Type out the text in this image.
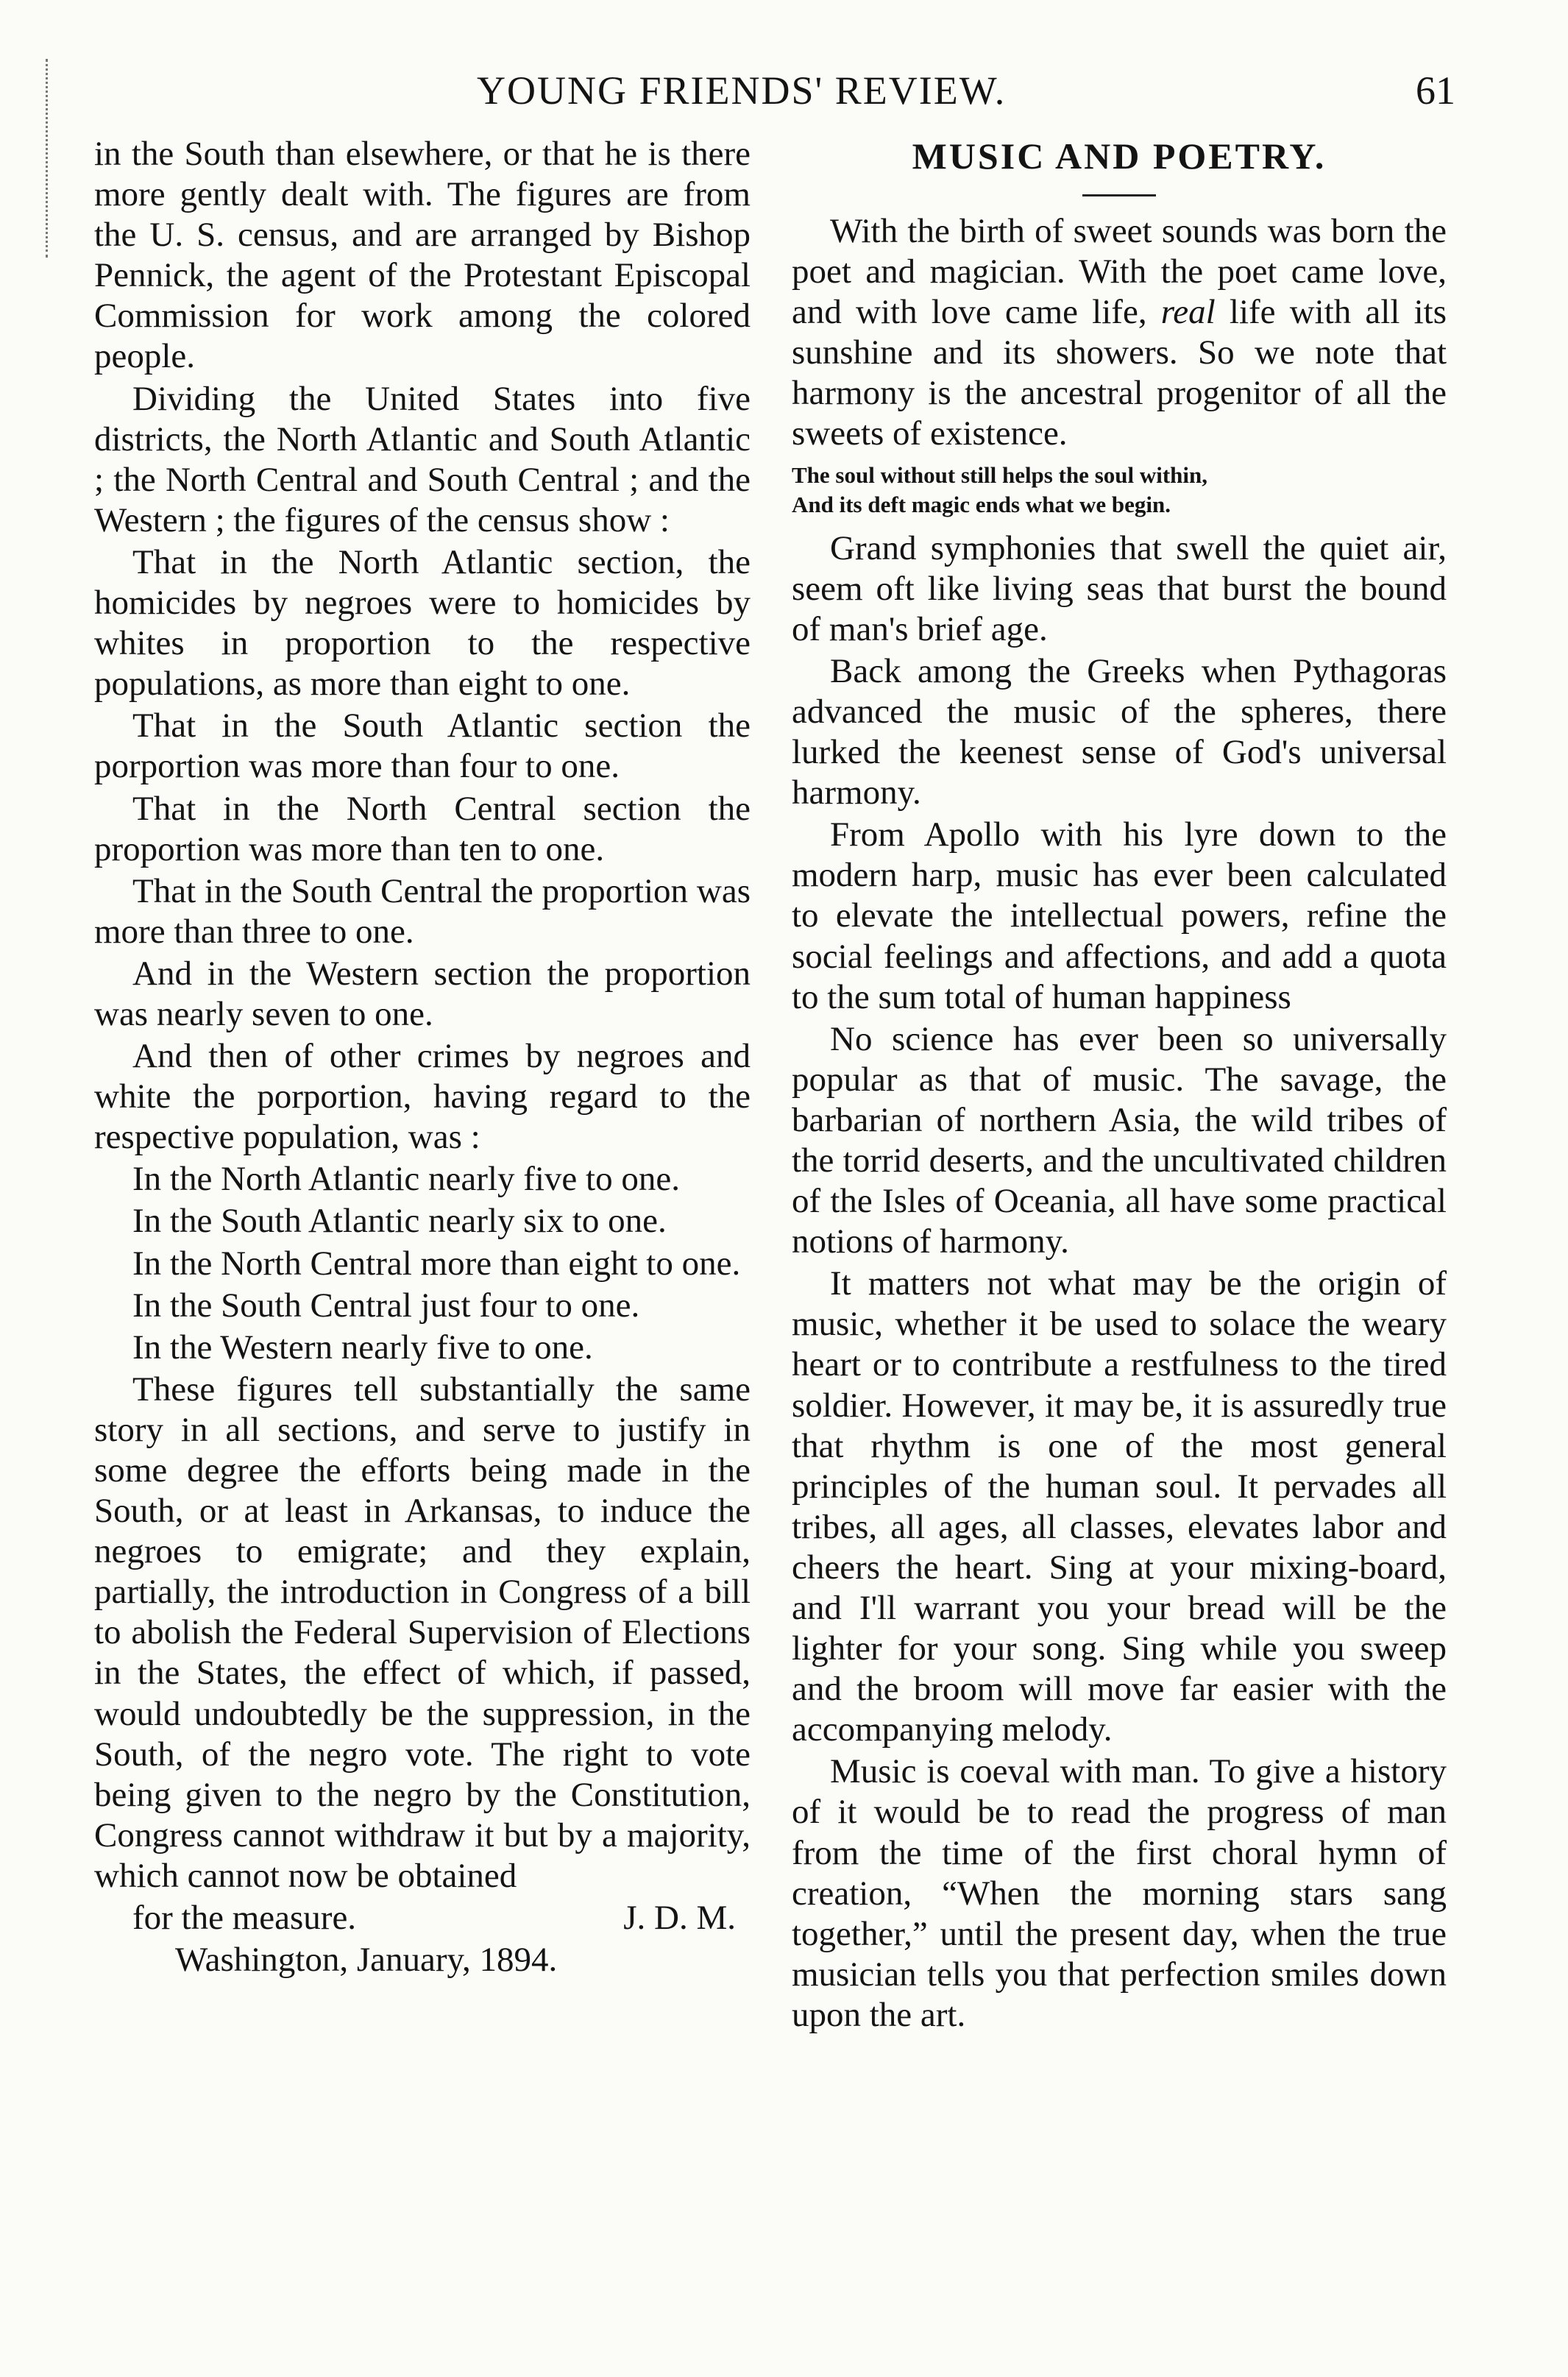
YOUNG FRIENDS' REVIEW.	61

in the South than elsewhere, or that he is there more gently dealt with. The figures are from the U. S. census, and are arranged by Bishop Pennick, the agent of the Protestant Episcopal Commission for work among the colored people.

Dividing the United States into five districts, the North Atlantic and South Atlantic ; the North Central and South Central ; and the Western ; the figures of the census show :

That in the North Atlantic section, the homicides by negroes were to homicides by whites in proportion to the respective populations, as more than eight to one.

That in the South Atlantic section the porportion was more than four to one.

That in the North Central section the proportion was more than ten to one.

That in the South Central the proportion was more than three to one.

And in the Western section the proportion was nearly seven to one.

And then of other crimes by negroes and white the porportion, having regard to the respective population, was :

In the North Atlantic nearly five to one.

In the South Atlantic nearly six to one.

In the North Central more than eight to one.

In the South Central just four to one.

In the Western nearly five to one.

These figures tell substantially the same story in all sections, and serve to justify in some degree the efforts being made in the South, or at least in Arkansas, to induce the negroes to emigrate; and they explain, partially, the introduction in Congress of a bill to abolish the Federal Supervision of Elections in the States, the effect of which, if passed, would undoubtedly be the suppression, in the South, of the negro vote. The right to vote being given to the negro by the Constitution, Congress cannot withdraw it but by a majority, which cannot now be obtained

for the measure.	J. D. M.

Washington, January, 1894.

MUSIC AND POETRY.

With the birth of sweet sounds was born the poet and magician. With the poet came love, and with love came life, real life with all its sunshine and its showers. So we note that harmony is the ancestral progenitor of all the sweets of existence.

The soul without still helps the soul within,
And its deft magic ends what we begin.

Grand symphonies that swell the quiet air, seem oft like living seas that burst the bound of man's brief age.

Back among the Greeks when Pythagoras advanced the music of the spheres, there lurked the keenest sense of God's universal harmony.

From Apollo with his lyre down to the modern harp, music has ever been calculated to elevate the intellectual powers, refine the social feelings and affections, and add a quota to the sum total of human happiness

No science has ever been so universally popular as that of music. The savage, the barbarian of northern Asia, the wild tribes of the torrid deserts, and the uncultivated children of the Isles of Oceania, all have some practical notions of harmony.

It matters not what may be the origin of music, whether it be used to solace the weary heart or to contribute a restfulness to the tired soldier. However, it may be, it is assuredly true that rhythm is one of the most general principles of the human soul. It pervades all tribes, all ages, all classes, elevates labor and cheers the heart. Sing at your mixing-board, and I'll warrant you your bread will be the lighter for your song. Sing while you sweep and the broom will move far easier with the accompanying melody.

Music is coeval with man. To give a history of it would be to read the progress of man from the time of the first choral hymn of creation, “When the morning stars sang together,” until the present day, when the true musician tells you that perfection smiles down upon the art.
